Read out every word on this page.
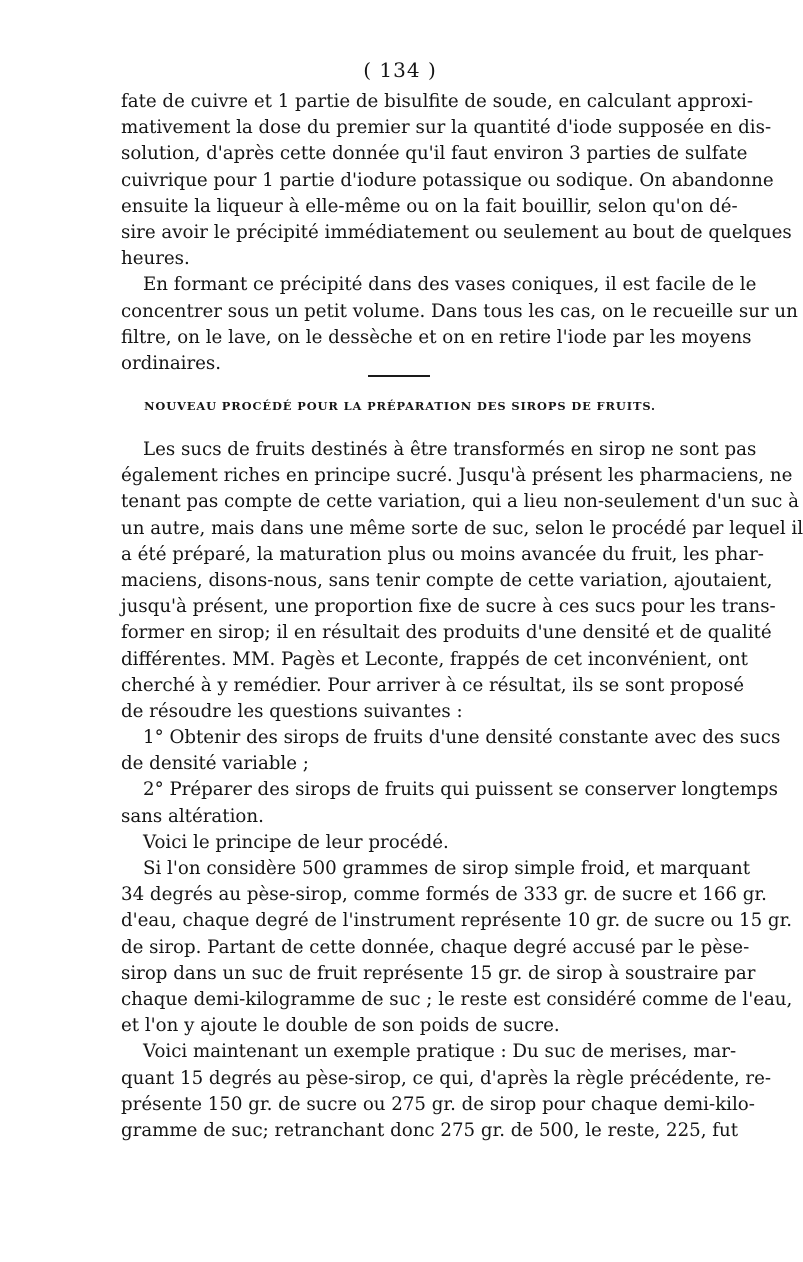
( 134 )
fate de cuivre et 1 partie de bisulfite de soude, en calculant approxi-
mativement la dose du premier sur la quantité d'iode supposée en dis-
solution, d'après cette donnée qu'il faut environ 3 parties de sulfate
cuivrique pour 1 partie d'iodure potassique ou sodique. On abandonne
ensuite la liqueur à elle-même ou on la fait bouillir, selon qu'on dé-
sire avoir le précipité immédiatement ou seulement au bout de quelques
heures.
En formant ce précipité dans des vases coniques, il est facile de le
concentrer sous un petit volume. Dans tous les cas, on le recueille sur un
filtre, on le lave, on le dessèche et on en retire l'iode par les moyens
ordinaires.
NOUVEAU PROCÉDÉ POUR LA PRÉPARATION DES SIROPS DE FRUITS.
Les sucs de fruits destinés à être transformés en sirop ne sont pas
également riches en principe sucré. Jusqu'à présent les pharmaciens, ne
tenant pas compte de cette variation, qui a lieu non-seulement d'un suc à
un autre, mais dans une même sorte de suc, selon le procédé par lequel il
a été préparé, la maturation plus ou moins avancée du fruit, les phar-
maciens, disons-nous, sans tenir compte de cette variation, ajoutaient,
jusqu'à présent, une proportion fixe de sucre à ces sucs pour les trans-
former en sirop; il en résultait des produits d'une densité et de qualité
différentes. MM. Pagès et Leconte, frappés de cet inconvénient, ont
cherché à y remédier. Pour arriver à ce résultat, ils se sont proposé
de résoudre les questions suivantes :
1° Obtenir des sirops de fruits d'une densité constante avec des sucs
de densité variable ;
2° Préparer des sirops de fruits qui puissent se conserver longtemps
sans altération.
Voici le principe de leur procédé.
Si l'on considère 500 grammes de sirop simple froid, et marquant
34 degrés au pèse-sirop, comme formés de 333 gr. de sucre et 166 gr.
d'eau, chaque degré de l'instrument représente 10 gr. de sucre ou 15 gr.
de sirop. Partant de cette donnée, chaque degré accusé par le pèse-
sirop dans un suc de fruit représente 15 gr. de sirop à soustraire par
chaque demi-kilogramme de suc ; le reste est considéré comme de l'eau,
et l'on y ajoute le double de son poids de sucre.
Voici maintenant un exemple pratique : Du suc de merises, mar-
quant 15 degrés au pèse-sirop, ce qui, d'après la règle précédente, re-
présente 150 gr. de sucre ou 275 gr. de sirop pour chaque demi-kilo-
gramme de suc; retranchant donc 275 gr. de 500, le reste, 225, fut
